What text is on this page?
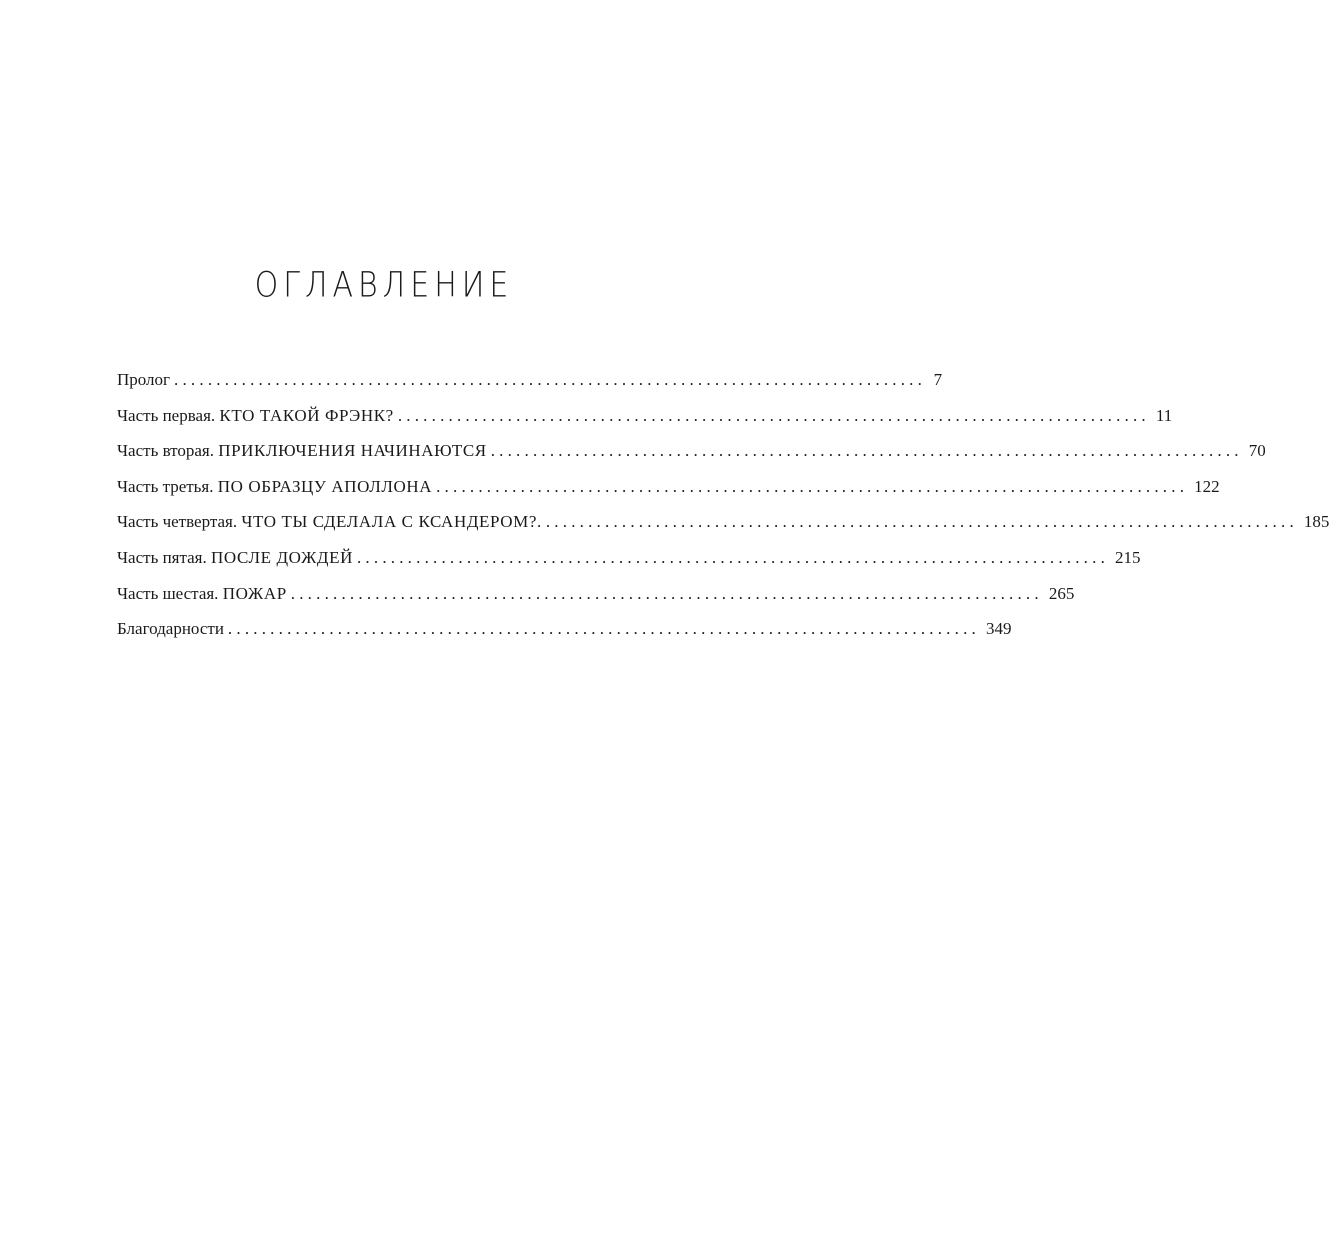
ОГЛАВЛЕНИЕ
Пролог ......................................................................................... 7
Часть первая. КТО ТАКОЙ ФРЭНК? ......................................................................................... 11
Часть вторая. ПРИКЛЮЧЕНИЯ НАЧИНАЮТСЯ ......................................................................................... 70
Часть третья. ПО ОБРАЗЦУ АПОЛЛОНА ......................................................................................... 122
Часть четвертая. ЧТО ТЫ СДЕЛАЛА С КСАНДЕРОМ?. ......................................................................................... 185
Часть пятая. ПОСЛЕ ДОЖДЕЙ ......................................................................................... 215
Часть шестая. ПОЖАР ......................................................................................... 265
Благодарности ......................................................................................... 349
